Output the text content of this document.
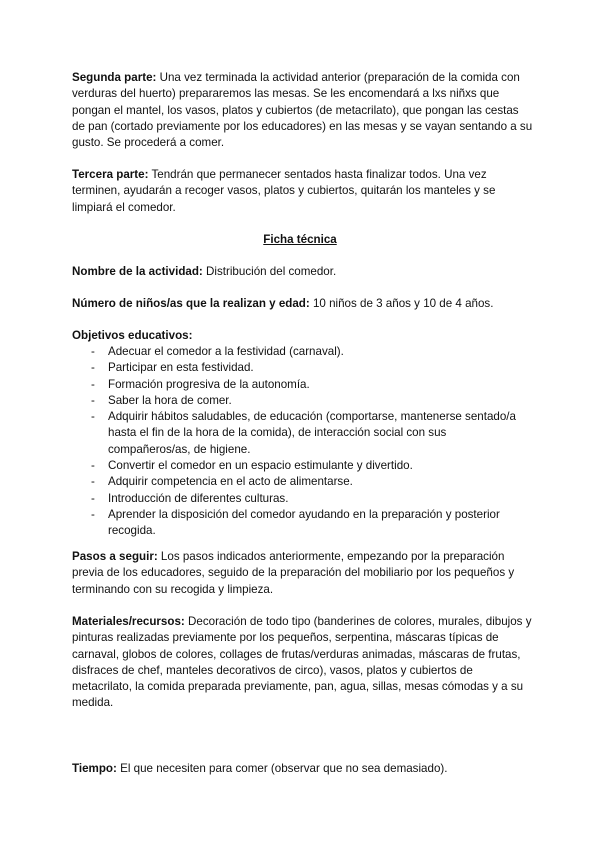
Segunda parte: Una vez terminada la actividad anterior (preparación de la comida con verduras del huerto) prepararemos las mesas. Se les encomendará a lxs niñxs que pongan el mantel, los vasos, platos y cubiertos (de metacrilato), que pongan las cestas de pan (cortado previamente por los educadores) en las mesas y se vayan sentando a su gusto. Se procederá a comer.
Tercera parte: Tendrán que permanecer sentados hasta finalizar todos. Una vez terminen, ayudarán a recoger vasos, platos y cubiertos, quitarán los manteles y se limpiará el comedor.
Ficha técnica
Nombre de la actividad: Distribución del comedor.
Número de niños/as que la realizan y edad: 10 niños de 3 años y 10 de 4 años.
Objetivos educativos:
- Adecuar el comedor a la festividad (carnaval).
- Participar en esta festividad.
- Formación progresiva de la autonomía.
- Saber la hora de comer.
- Adquirir hábitos saludables, de educación (comportarse, mantenerse sentado/a hasta el fin de la hora de la comida), de interacción social con sus compañeros/as, de higiene.
- Convertir el comedor en un espacio estimulante y divertido.
- Adquirir competencia en el acto de alimentarse.
- Introducción de diferentes culturas.
- Aprender la disposición del comedor ayudando en la preparación y posterior recogida.
Pasos a seguir: Los pasos indicados anteriormente, empezando por la preparación previa de los educadores, seguido de la preparación del mobiliario por los pequeños y terminando con su recogida y limpieza.
Materiales/recursos: Decoración de todo tipo (banderines de colores, murales, dibujos y pinturas realizadas previamente por los pequeños, serpentina, máscaras típicas de carnaval, globos de colores, collages de frutas/verduras animadas, máscaras de frutas, disfraces de chef, manteles decorativos de circo), vasos, platos y cubiertos de metacrilato, la comida preparada previamente, pan, agua, sillas, mesas cómodas y a su medida.
Tiempo: El que necesiten para comer (observar que no sea demasiado).
